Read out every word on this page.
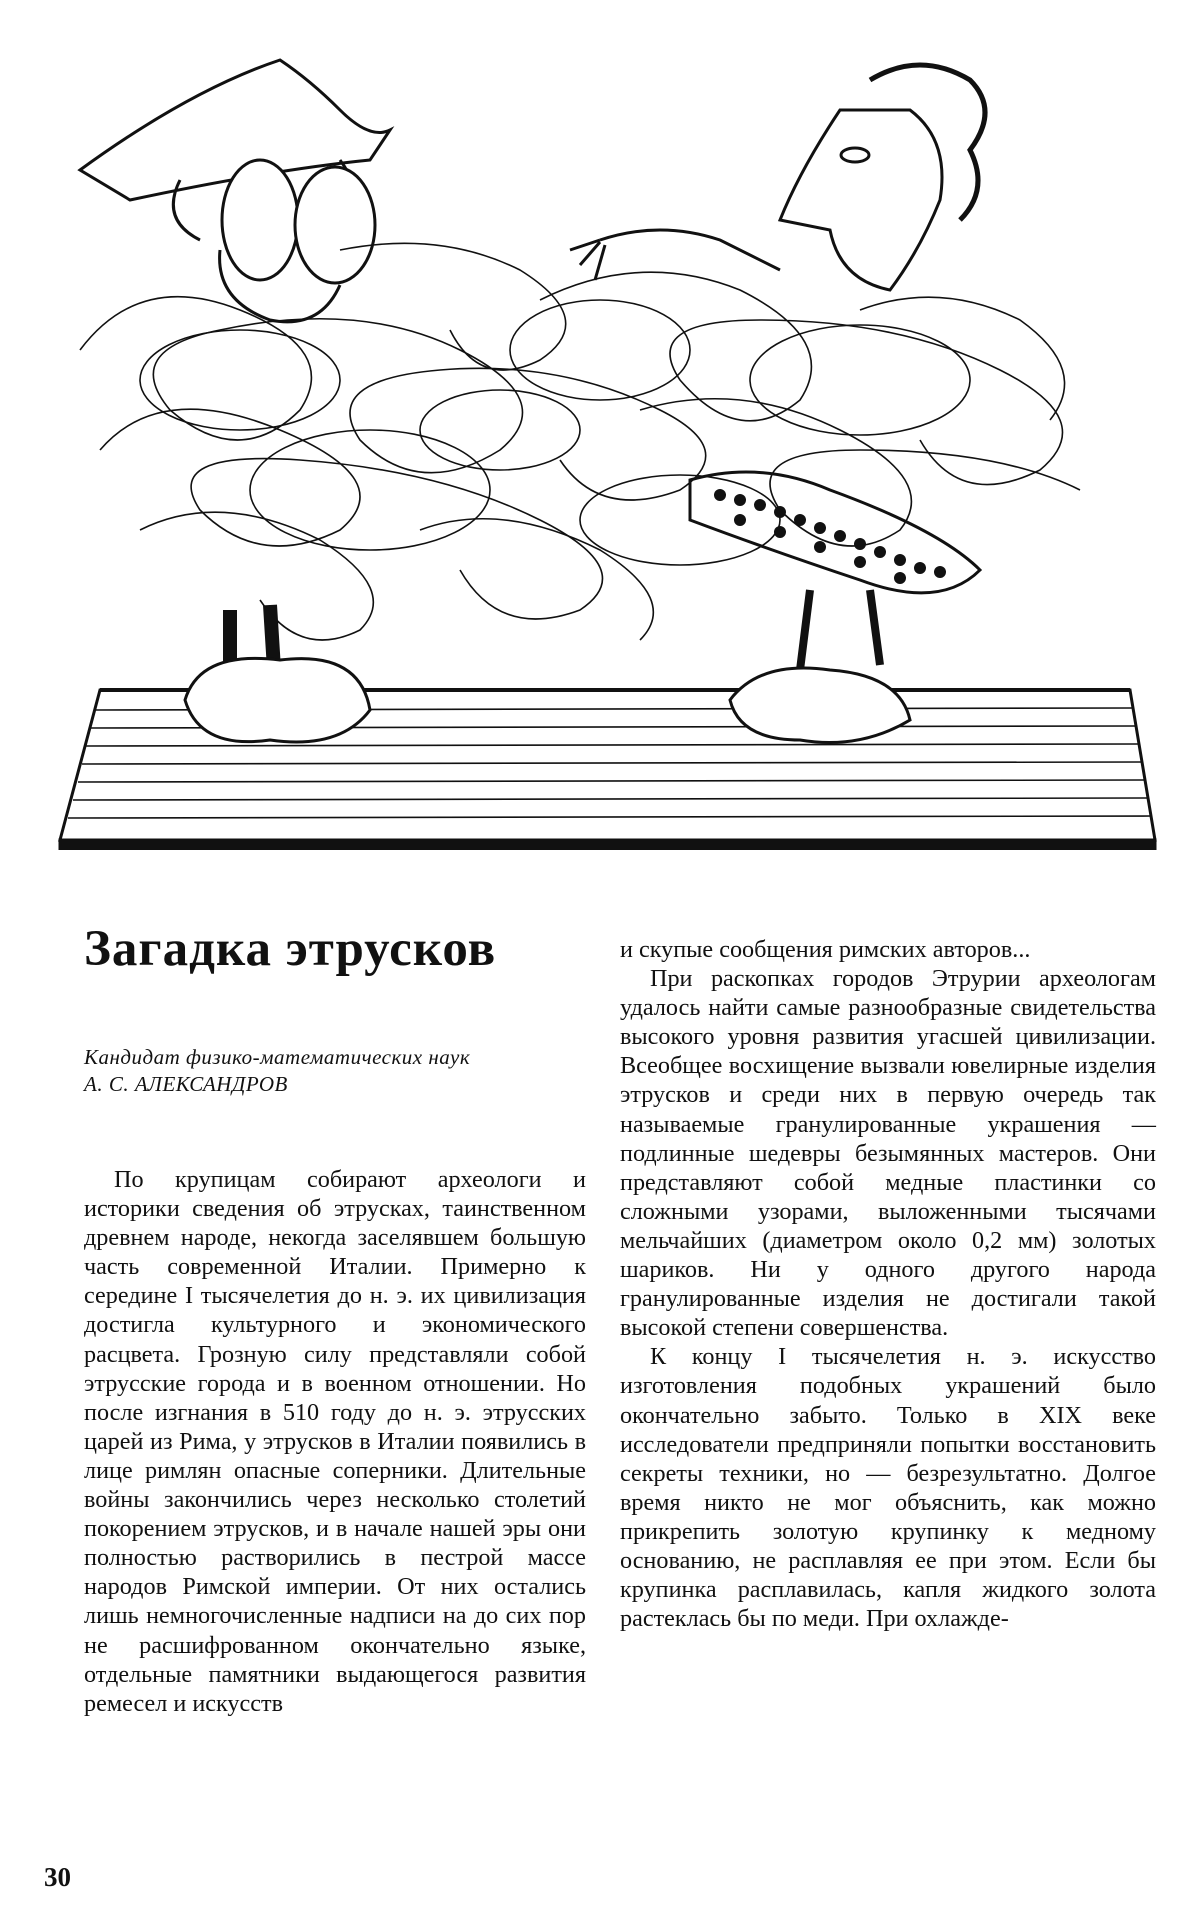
Загадка этрусков
Кандидат физико-математических наук
А. С. АЛЕКСАНДРОВ

По крупицам собирают археологи и историки сведения об этрусках, таинственном древнем народе, некогда заселявшем большую часть современной Италии. Примерно к середине I тысячелетия до н. э. их цивилизация достигла культурного и экономического расцвета. Грозную силу представляли собой этрусские города и в военном отношении. Но после изгнания в 510 году до н. э. этрусских царей из Рима, у этрусков в Италии появились в лице римлян опасные соперники. Длительные войны закончились через несколько столетий покорением этрусков, и в начале нашей эры они полностью растворились в пестрой массе народов Римской империи. От них остались лишь немногочисленные надписи на до сих пор не расшифрованном окончательно языке, отдельные памятники выдающегося развития ремесел и искусств

и скупые сообщения римских авторов...

При раскопках городов Этрурии археологам удалось найти самые разнообразные свидетельства высокого уровня развития угасшей цивилизации. Всеобщее восхищение вызвали ювелирные изделия этрусков и среди них в первую очередь так называемые гранулированные украшения — подлинные шедевры безымянных мастеров. Они представляют собой медные пластинки со сложными узорами, выложенными тысячами мельчайших (диаметром около 0,2 мм) золотых шариков. Ни у одного другого народа гранулированные изделия не достигали такой высокой степени совершенства.

К концу I тысячелетия н. э. искусство изготовления подобных украшений было окончательно забыто. Только в XIX веке исследователи предприняли попытки восстановить секреты техники, но — безрезультатно. Долгое время никто не мог объяснить, как можно прикрепить золотую крупинку к медному основанию, не расплавляя ее при этом. Если бы крупинка расплавилась, капля жидкого золота растеклась бы по меди. При охлажде-

30
